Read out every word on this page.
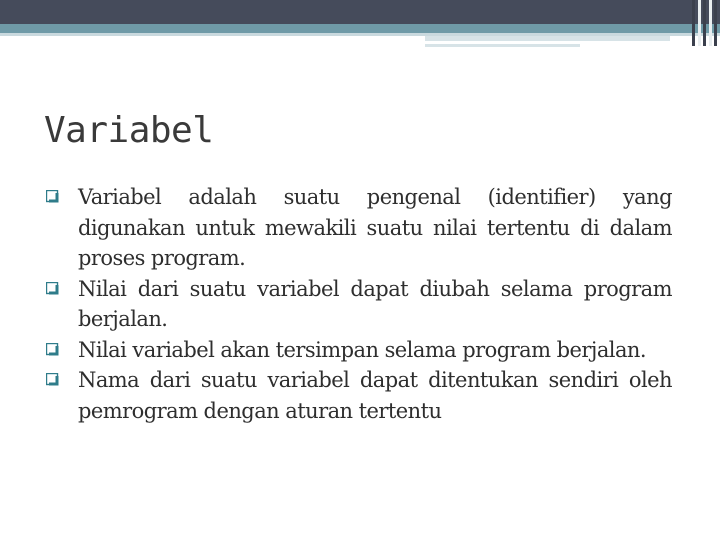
Variabel
Variabel adalah suatu pengenal (identifier) yang digunakan untuk mewakili suatu nilai tertentu di dalam proses program.
Nilai dari suatu variabel dapat diubah selama program berjalan.
Nilai variabel akan tersimpan selama program berjalan.
Nama dari suatu variabel dapat ditentukan sendiri oleh pemrogram dengan aturan tertentu
